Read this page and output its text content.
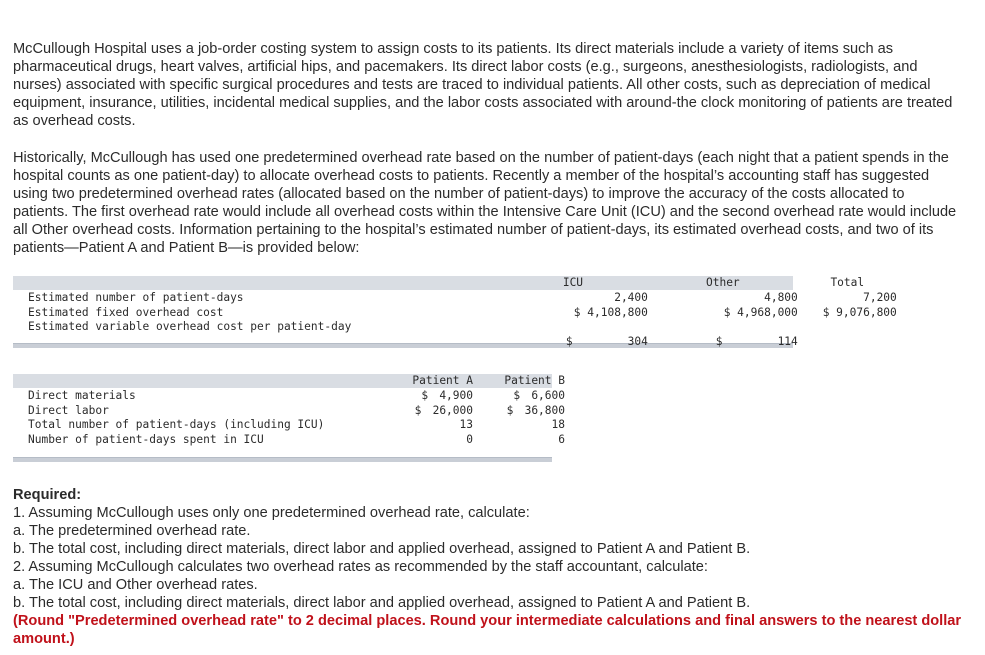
McCullough Hospital uses a job-order costing system to assign costs to its patients. Its direct materials include a variety of items such as pharmaceutical drugs, heart valves, artificial hips, and pacemakers. Its direct labor costs (e.g., surgeons, anesthesiologists, radiologists, and nurses) associated with specific surgical procedures and tests are traced to individual patients. All other costs, such as depreciation of medical equipment, insurance, utilities, incidental medical supplies, and the labor costs associated with around-the clock monitoring of patients are treated as overhead costs.

Historically, McCullough has used one predetermined overhead rate based on the number of patient-days (each night that a patient spends in the hospital counts as one patient-day) to allocate overhead costs to patients. Recently a member of the hospital’s accounting staff has suggested using two predetermined overhead rates (allocated based on the number of patient-days) to improve the accuracy of the costs allocated to patients. The first overhead rate would include all overhead costs within the Intensive Care Unit (ICU) and the second overhead rate would include all Other overhead costs. Information pertaining to the hospital’s estimated number of patient-days, its estimated overhead costs, and two of its patients—Patient A and Patient B—is provided below:

	ICU	Other	Total
Estimated number of patient-days	2,400	4,800	7,200
Estimated fixed overhead cost	$ 4,108,800	$ 4,968,000	$ 9,076,800
Estimated variable overhead cost per patient-day	$ 304	$ 114

	Patient A	Patient B
Direct materials	$ 4,900	$ 6,600
Direct labor	$ 26,000	$ 36,800
Total number of patient-days (including ICU)	13	18
Number of patient-days spent in ICU	0	6
Required:
1. Assuming McCullough uses only one predetermined overhead rate, calculate:
a. The predetermined overhead rate.
b. The total cost, including direct materials, direct labor and applied overhead, assigned to Patient A and Patient B.
2. Assuming McCullough calculates two overhead rates as recommended by the staff accountant, calculate:
a. The ICU and Other overhead rates.
b. The total cost, including direct materials, direct labor and applied overhead, assigned to Patient A and Patient B.
(Round "Predetermined overhead rate" to 2 decimal places. Round your intermediate calculations and final answers to the nearest dollar amount.)
